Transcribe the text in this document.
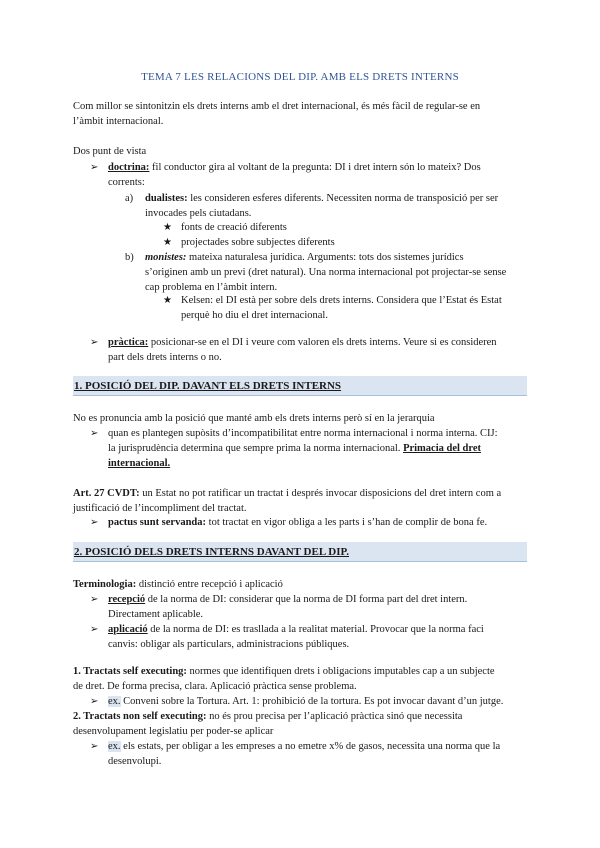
TEMA 7 LES RELACIONS DEL DIP. AMB ELS DRETS INTERNS
Com millor se sintonitzin els drets interns amb el dret internacional, és més fàcil de regular-se en
l’àmbit internacional.
Dos punt de vista
➢ doctrina: fil conductor gira al voltant de la pregunta: DI i dret intern són lo mateix? Dos
corrents:
a) dualistes: les consideren esferes diferents. Necessiten norma de transposició per ser
invocades pels ciutadans.
★ fonts de creació diferents
★ projectades sobre subjectes diferents
b) monistes: mateixa naturalesa jurídica. Arguments: tots dos sistemes jurídics
s’originen amb un previ (dret natural). Una norma internacional pot projectar-se sense
cap problema en l’àmbit intern.
★ Kelsen: el DI està per sobre dels drets interns. Considera que l’Estat és Estat
perquè ho diu el dret internacional.
➢ pràctica: posicionar-se en el DI i veure com valoren els drets interns. Veure si es consideren
part dels drets interns o no.
1. POSICIÓ DEL DIP. DAVANT ELS DRETS INTERNS
No es pronuncia amb la posició que manté amb els drets interns però sí en la jerarquia
➢ quan es plantegen supòsits d’incompatibilitat entre norma internacional i norma interna. CIJ:
la jurisprudència determina que sempre prima la norma internacional. Primacia del dret
internacional.
Art. 27 CVDT: un Estat no pot ratificar un tractat i després invocar disposicions del dret intern com a
justificació de l’incompliment del tractat.
➢ pactus sunt servanda: tot tractat en vigor obliga a les parts i s’han de complir de bona fe.
2. POSICIÓ DELS DRETS INTERNS DAVANT DEL DIP.
Terminologia: distinció entre recepció i aplicació
➢ recepció de la norma de DI: considerar que la norma de DI forma part del dret intern.
Directament aplicable.
➢ aplicació de la norma de DI: es trasllada a la realitat material. Provocar que la norma faci
canvis: obligar als particulars, administracions públiques.
1. Tractats self executing: normes que identifiquen drets i obligacions imputables cap a un subjecte
de dret. De forma precisa, clara. Aplicació pràctica sense problema.
➢ ex. Conveni sobre la Tortura. Art. 1: prohibició de la tortura. Es pot invocar davant d’un jutge.
2. Tractats non self executing: no és prou precisa per l’aplicació pràctica sinó que necessita
desenvolupament legislatiu per poder-se aplicar
➢ ex. els estats, per obligar a les empreses a no emetre x% de gasos, necessita una norma que la
desenvolupi.
